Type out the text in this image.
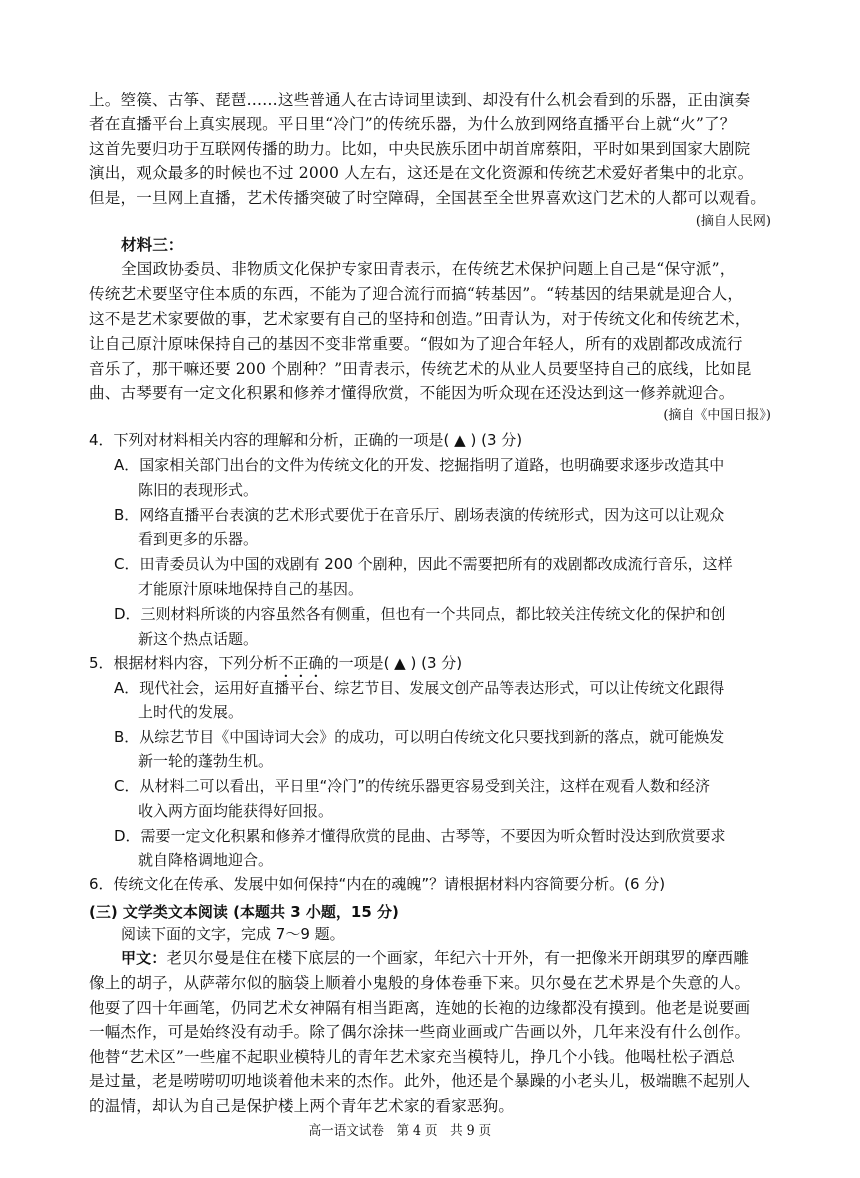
上。箜篌、古筝、琵琶……这些普通人在古诗词里读到、却没有什么机会看到的乐器，正由演奏
者在直播平台上真实展现。平日里“冷门”的传统乐器，为什么放到网络直播平台上就“火”了？
这首先要归功于互联网传播的助力。比如，中央民族乐团中胡首席蔡阳，平时如果到国家大剧院
演出，观众最多的时候也不过 2000 人左右，这还是在文化资源和传统艺术爱好者集中的北京。
但是，一旦网上直播，艺术传播突破了时空障碍，全国甚至全世界喜欢这门艺术的人都可以观看。
(摘自人民网)
材料三：
全国政协委员、非物质文化保护专家田青表示，在传统艺术保护问题上自己是“保守派”，
传统艺术要坚守住本质的东西，不能为了迎合流行而搞“转基因”。“转基因的结果就是迎合人，
这不是艺术家要做的事，艺术家要有自己的坚持和创造。”田青认为，对于传统文化和传统艺术，
让自己原汁原味保持自己的基因不变非常重要。“假如为了迎合年轻人，所有的戏剧都改成流行
音乐了，那干嘛还要 200 个剧种？”田青表示，传统艺术的从业人员要坚持自己的底线，比如昆
曲、古琴要有一定文化积累和修养才懂得欣赏，不能因为听众现在还没达到这一修养就迎合。
(摘自《中国日报》)
4．下列对材料相关内容的理解和分析，正确的一项是( ▲ ) (3 分)
A．国家相关部门出台的文件为传统文化的开发、挖掘指明了道路，也明确要求逐步改造其中
陈旧的表现形式。
B．网络直播平台表演的艺术形式要优于在音乐厅、剧场表演的传统形式，因为这可以让观众
看到更多的乐器。
C．田青委员认为中国的戏剧有 200 个剧种，因此不需要把所有的戏剧都改成流行音乐，这样
才能原汁原味地保持自己的基因。
D．三则材料所谈的内容虽然各有侧重，但也有一个共同点，都比较关注传统文化的保护和创
新这个热点话题。
5．根据材料内容，下列分析不正确的一项是( ▲ ) (3 分)
A．现代社会，运用好直播平台、综艺节目、发展文创产品等表达形式，可以让传统文化跟得
上时代的发展。
B．从综艺节目《中国诗词大会》的成功，可以明白传统文化只要找到新的落点，就可能焕发
新一轮的蓬勃生机。
C．从材料二可以看出，平日里“冷门”的传统乐器更容易受到关注，这样在观看人数和经济
收入两方面均能获得好回报。
D．需要一定文化积累和修养才懂得欣赏的昆曲、古琴等，不要因为听众暂时没达到欣赏要求
就自降格调地迎合。
6．传统文化在传承、发展中如何保持“内在的魂魄”？请根据材料内容简要分析。(6 分)
(三) 文学类文本阅读 (本题共 3 小题，15 分)
阅读下面的文字，完成 7～9 题。
甲文：老贝尔曼是住在楼下底层的一个画家，年纪六十开外，有一把像米开朗琪罗的摩西雕
像上的胡子，从萨蒂尔似的脑袋上顺着小鬼般的身体卷垂下来。贝尔曼在艺术界是个失意的人。
他耍了四十年画笔，仍同艺术女神隔有相当距离，连她的长袍的边缘都没有摸到。他老是说要画
一幅杰作，可是始终没有动手。除了偶尔涂抹一些商业画或广告画以外，几年来没有什么创作。
他替“艺术区”一些雇不起职业模特儿的青年艺术家充当模特儿，挣几个小钱。他喝杜松子酒总
是过量，老是唠唠叨叨地谈着他未来的杰作。此外，他还是个暴躁的小老头儿，极端瞧不起别人
的温情，却认为自己是保护楼上两个青年艺术家的看家恶狗。
高一语文试卷　第 4 页　共 9 页
